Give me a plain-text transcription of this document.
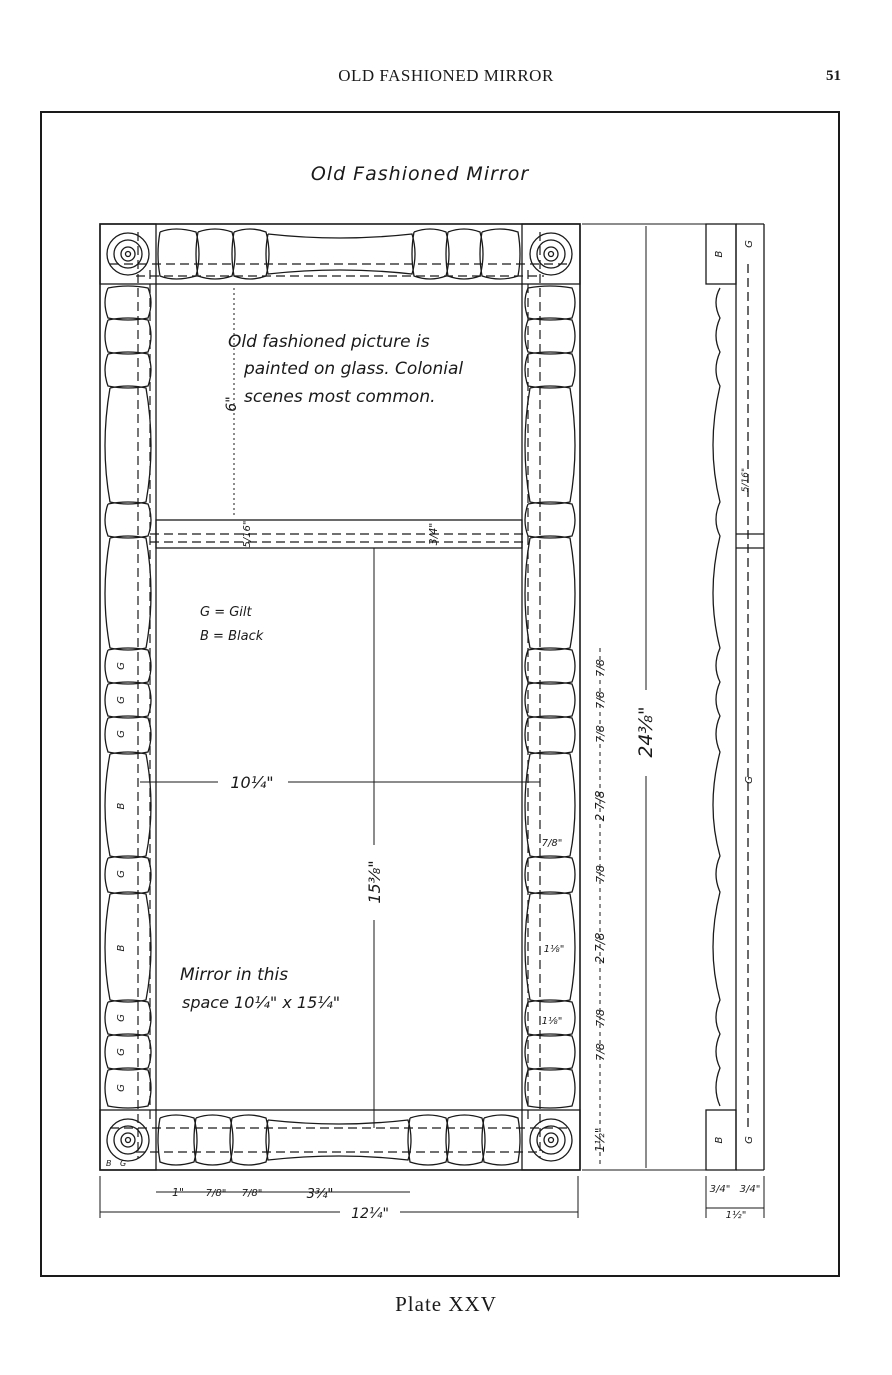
OLD FASHIONED MIRROR	51
Old Fashioned Mirror
Old fashioned picture is
painted on glass. Colonial
scenes most common.
G = Gilt
B = Black
Mirror in this
space 10¼" x 15¼"
6"
5/16"	3/4"
15⅜"
10¼"
24⅜"
7/8
7/8
7/8
2 7/8
7/8
2 7/8
7/8
7/8
1½"
7/8"
1⅛"
1⅛"
1" 7/8" 7/8"	3¾"
12¼"
5/16"
3/4" 3/4"
1½"
G
G
G
B
G
B
G
G
G
B
G
G
B G
B G
Plate XXV
